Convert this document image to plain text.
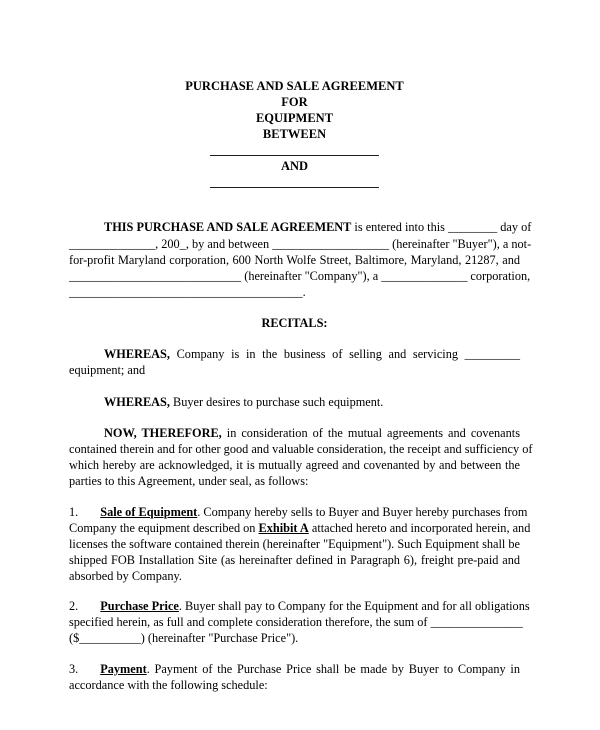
PURCHASE AND SALE AGREEMENT
FOR
EQUIPMENT
BETWEEN
___________________________
AND
___________________________
THIS PURCHASE AND SALE AGREEMENT is entered into this ________ day of
______________, 200_, by and between ___________________ (hereinafter "Buyer"), a not-
for-profit Maryland corporation, 600 North Wolfe Street, Baltimore, Maryland, 21287, and
____________________________ (hereinafter "Company"), a ______________ corporation,
______________________________________.
RECITALS:
WHEREAS, Company is in the business of selling and servicing _________
equipment; and
WHEREAS, Buyer desires to purchase such equipment.
NOW, THEREFORE, in consideration of the mutual agreements and covenants
contained therein and for other good and valuable consideration, the receipt and sufficiency of
which hereby are acknowledged, it is mutually agreed and covenanted by and between the
parties to this Agreement, under seal, as follows:
1. Sale of Equipment. Company hereby sells to Buyer and Buyer hereby purchases from
Company the equipment described on Exhibit A attached hereto and incorporated herein, and
licenses the software contained therein (hereinafter "Equipment"). Such Equipment shall be
shipped FOB Installation Site (as hereinafter defined in Paragraph 6), freight pre-paid and
absorbed by Company.
2. Purchase Price. Buyer shall pay to Company for the Equipment and for all obligations
specified herein, as full and complete consideration therefore, the sum of _______________
($__________) (hereinafter "Purchase Price").
3. Payment. Payment of the Purchase Price shall be made by Buyer to Company in
accordance with the following schedule:
